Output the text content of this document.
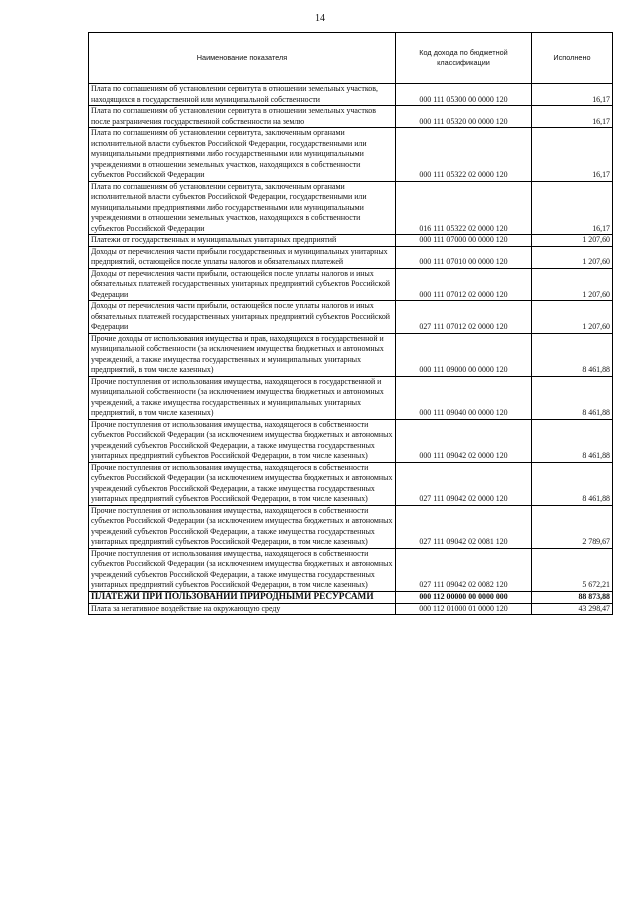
14
Наименование показателя	Код дохода по бюджетной классификации	Исполнено
Плата по соглашениям об установлении сервитута в отношении земельных участков, находящихся в государственной или муниципальной собственности	000 111 05300 00 0000 120	16,17
Плата по соглашениям об установлении сервитута в отношении земельных участков после разграничения государственной собственности на землю	000 111 05320 00 0000 120	16,17
Плата по соглашениям об установлении сервитута, заключенным органами исполнительной власти субъектов Российской Федерации, государственными или муниципальными предприятиями либо государственными или муниципальными учреждениями в отношении земельных участков, находящихся в собственности субъектов Российской Федерации	000 111 05322 02 0000 120	16,17
Плата по соглашениям об установлении сервитута, заключенным органами исполнительной власти субъектов Российской Федерации, государственными или муниципальными предприятиями либо государственными или муниципальными учреждениями в отношении земельных участков, находящихся в собственности субъектов Российской Федерации	016 111 05322 02 0000 120	16,17
Платежи от государственных и муниципальных унитарных предприятий	000 111 07000 00 0000 120	1 207,60
Доходы от перечисления части прибыли государственных и муниципальных унитарных предприятий, остающейся после уплаты налогов и обязательных платежей	000 111 07010 00 0000 120	1 207,60
Доходы от перечисления части прибыли, остающейся после уплаты налогов и иных обязательных платежей государственных унитарных предприятий субъектов Российской Федерации	000 111 07012 02 0000 120	1 207,60
Доходы от перечисления части прибыли, остающейся после уплаты налогов и иных обязательных платежей государственных унитарных предприятий субъектов Российской Федерации	027 111 07012 02 0000 120	1 207,60
Прочие доходы от использования имущества и прав, находящихся в государственной и муниципальной собственности (за исключением имущества бюджетных и автономных учреждений, а также имущества государственных и муниципальных унитарных предприятий, в том числе казенных)	000 111 09000 00 0000 120	8 461,88
Прочие поступления от использования имущества, находящегося в государственной и муниципальной собственности (за исключением имущества бюджетных и автономных учреждений, а также имущества государственных и муниципальных унитарных предприятий, в том числе казенных)	000 111 09040 00 0000 120	8 461,88
Прочие поступления от использования имущества, находящегося в собственности субъектов Российской Федерации (за исключением имущества бюджетных и автономных учреждений субъектов Российской Федерации, а также имущества государственных унитарных предприятий субъектов Российской Федерации, в том числе казенных)	000 111 09042 02 0000 120	8 461,88
Прочие поступления от использования имущества, находящегося в собственности субъектов Российской Федерации (за исключением имущества бюджетных и автономных учреждений субъектов Российской Федерации, а также имущества государственных унитарных предприятий субъектов Российской Федерации, в том числе казенных)	027 111 09042 02 0000 120	8 461,88
Прочие поступления от использования имущества, находящегося в собственности субъектов Российской Федерации (за исключением имущества бюджетных и автономных учреждений субъектов Российской Федерации, а также имущества государственных унитарных предприятий субъектов Российской Федерации, в том числе казенных)	027 111 09042 02 0081 120	2 789,67
Прочие поступления от использования имущества, находящегося в собственности субъектов Российской Федерации (за исключением имущества бюджетных и автономных учреждений субъектов Российской Федерации, а также имущества государственных унитарных предприятий субъектов Российской Федерации, в том числе казенных)	027 111 09042 02 0082 120	5 672,21
ПЛАТЕЖИ ПРИ ПОЛЬЗОВАНИИ ПРИРОДНЫМИ РЕСУРСАМИ	000 112 00000 00 0000 000	88 873,88
Плата за негативное воздействие на окружающую среду	000 112 01000 01 0000 120	43 298,47
